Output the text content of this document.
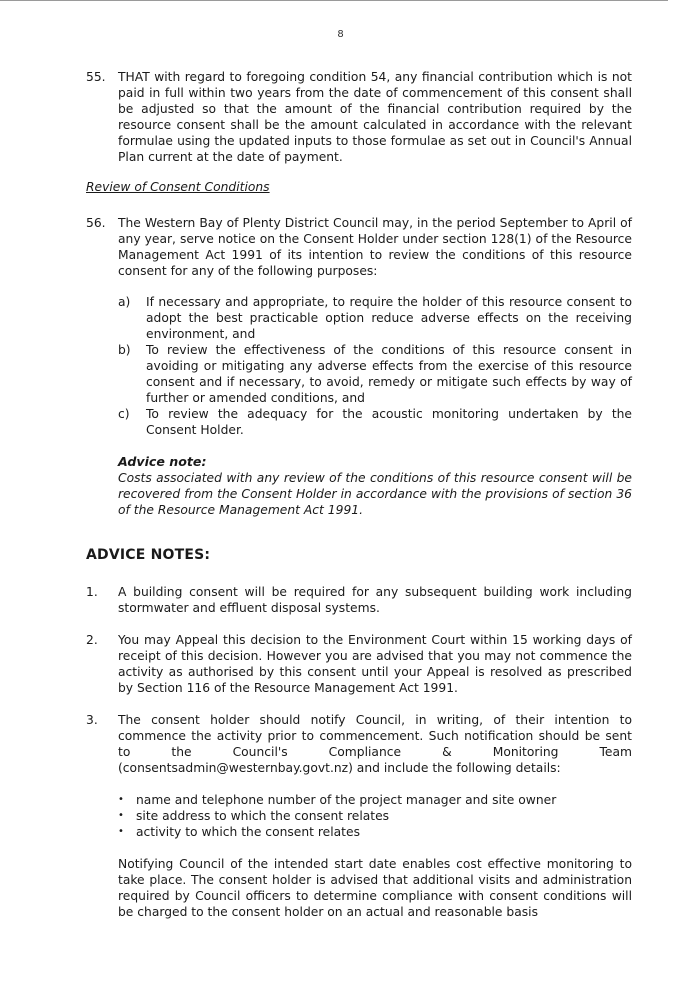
8
55. THAT with regard to foregoing condition 54, any financial contribution which is not paid in full within two years from the date of commencement of this consent shall be adjusted so that the amount of the financial contribution required by the resource consent shall be the amount calculated in accordance with the relevant formulae using the updated inputs to those formulae as set out in Council's Annual Plan current at the date of payment.
Review of Consent Conditions
56. The Western Bay of Plenty District Council may, in the period September to April of any year, serve notice on the Consent Holder under section 128(1) of the Resource Management Act 1991 of its intention to review the conditions of this resource consent for any of the following purposes:
a) If necessary and appropriate, to require the holder of this resource consent to adopt the best practicable option reduce adverse effects on the receiving environment, and
b) To review the effectiveness of the conditions of this resource consent in avoiding or mitigating any adverse effects from the exercise of this resource consent and if necessary, to avoid, remedy or mitigate such effects by way of further or amended conditions, and
c) To review the adequacy for the acoustic monitoring undertaken by the Consent Holder.
Advice note:
Costs associated with any review of the conditions of this resource consent will be recovered from the Consent Holder in accordance with the provisions of section 36 of the Resource Management Act 1991.
ADVICE NOTES:
1. A building consent will be required for any subsequent building work including stormwater and effluent disposal systems.
2. You may Appeal this decision to the Environment Court within 15 working days of receipt of this decision. However you are advised that you may not commence the activity as authorised by this consent until your Appeal is resolved as prescribed by Section 116 of the Resource Management Act 1991.
3. The consent holder should notify Council, in writing, of their intention to commence the activity prior to commencement. Such notification should be sent to the Council's Compliance & Monitoring Team (consentsadmin@westernbay.govt.nz) and include the following details:
• name and telephone number of the project manager and site owner
• site address to which the consent relates
• activity to which the consent relates
Notifying Council of the intended start date enables cost effective monitoring to take place. The consent holder is advised that additional visits and administration required by Council officers to determine compliance with consent conditions will be charged to the consent holder on an actual and reasonable basis
